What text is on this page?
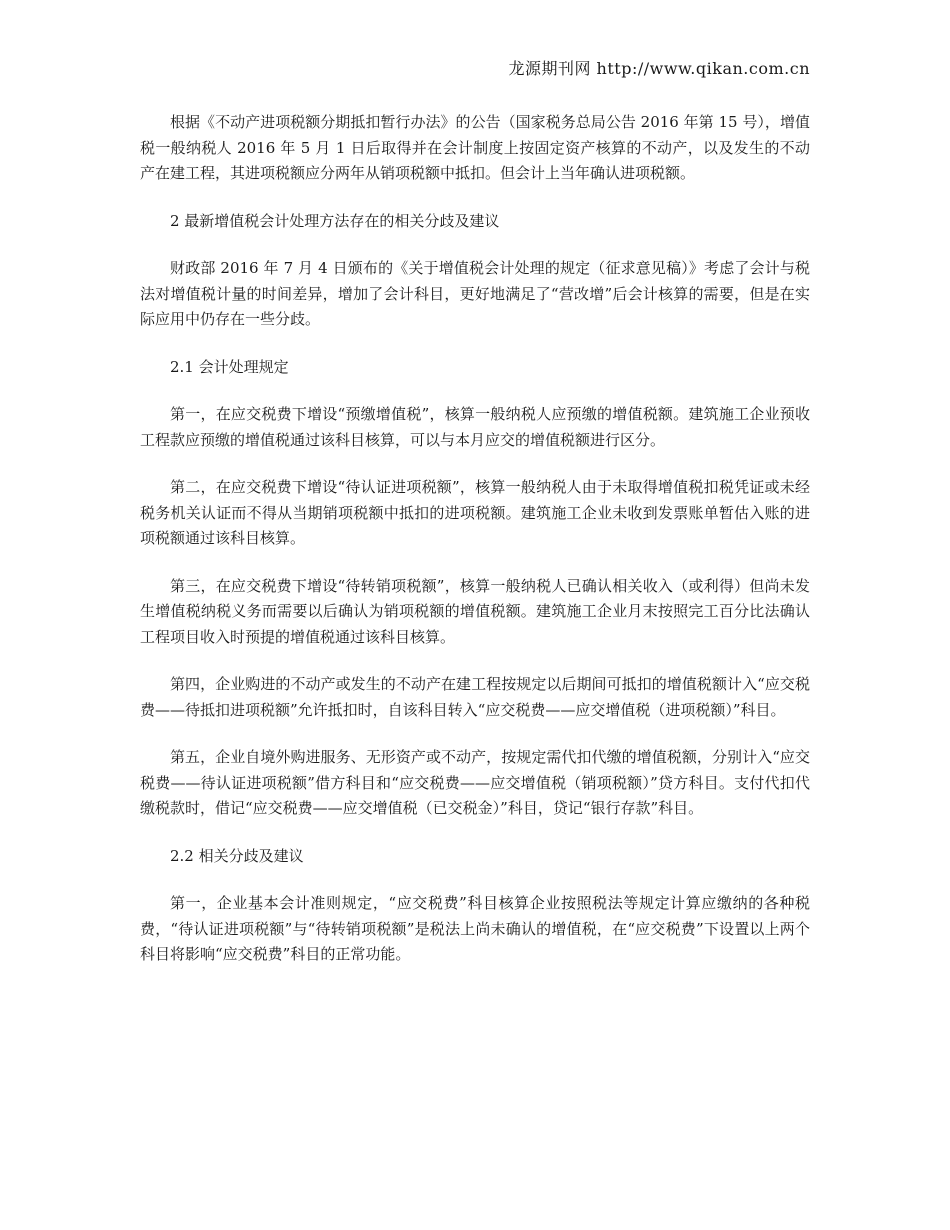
龙源期刊网 http://www.qikan.com.cn

根据《不动产进项税额分期抵扣暂行办法》的公告（国家税务总局公告 2016 年第 15 号），增值税一般纳税人 2016 年 5 月 1 日后取得并在会计制度上按固定资产核算的不动产，以及发生的不动产在建工程，其进项税额应分两年从销项税额中抵扣。但会计上当年确认进项税额。

2 最新增值税会计处理方法存在的相关分歧及建议

财政部 2016 年 7 月 4 日颁布的《关于增值税会计处理的规定（征求意见稿）》考虑了会计与税法对增值税计量的时间差异，增加了会计科目，更好地满足了“营改增”后会计核算的需要，但是在实际应用中仍存在一些分歧。

2.1 会计处理规定

第一，在应交税费下增设“预缴增值税”，核算一般纳税人应预缴的增值税额。建筑施工企业预收工程款应预缴的增值税通过该科目核算，可以与本月应交的增值税额进行区分。

第二，在应交税费下增设“待认证进项税额”，核算一般纳税人由于未取得增值税扣税凭证或未经税务机关认证而不得从当期销项税额中抵扣的进项税额。建筑施工企业未收到发票账单暂估入账的进项税额通过该科目核算。

第三，在应交税费下增设“待转销项税额”，核算一般纳税人已确认相关收入（或利得）但尚未发生增值税纳税义务而需要以后确认为销项税额的增值税额。建筑施工企业月末按照完工百分比法确认工程项目收入时预提的增值税通过该科目核算。

第四，企业购进的不动产或发生的不动产在建工程按规定以后期间可抵扣的增值税额计入“应交税费——待抵扣进项税额”允许抵扣时，自该科目转入“应交税费——应交增值税（进项税额）”科目。

第五，企业自境外购进服务、无形资产或不动产，按规定需代扣代缴的增值税额，分别计入“应交税费——待认证进项税额”借方科目和“应交税费——应交增值税（销项税额）”贷方科目。支付代扣代缴税款时，借记“应交税费——应交增值税（已交税金）”科目，贷记“银行存款”科目。

2.2 相关分歧及建议

第一，企业基本会计准则规定，“应交税费”科目核算企业按照税法等规定计算应缴纳的各种税费，“待认证进项税额”与“待转销项税额”是税法上尚未确认的增值税，在“应交税费”下设置以上两个科目将影响“应交税费”科目的正常功能。
